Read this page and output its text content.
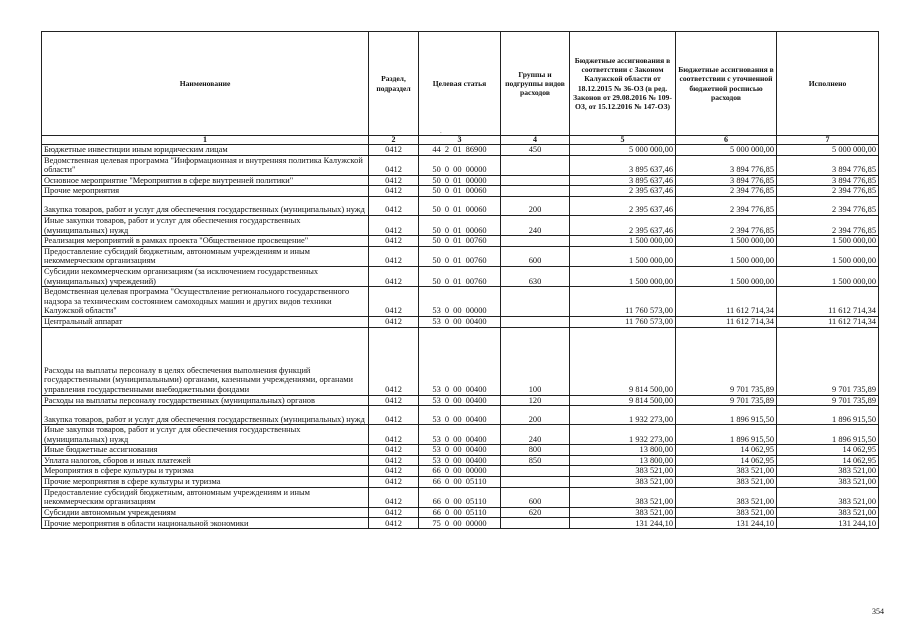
Наименование	Раздел, подраздел	Целевая статья	Группы и подгруппы видов расходов	Бюджетные ассигнования в соответствии с Законом Калужской области от 18.12.2015 № 36-ОЗ (в ред. Законов от 29.08.2016 № 109-ОЗ, от 15.12.2016 № 147-ОЗ)	Бюджетные ассигнования в соответствии с уточненной бюджетной росписью расходов	Исполнено
1	2	3	4	5	6	7
Бюджетные инвестиции иным юридическим лицам	0412	44 2 01 86900	450	5 000 000,00	5 000 000,00	5 000 000,00
Ведомственная целевая программа "Информационная и внутренняя политика Калужской области"	0412	50 0 00 00000		3 895 637,46	3 894 776,85	3 894 776,85
Основное мероприятие "Мероприятия в сфере внутренней политики"	0412	50 0 01 00000		3 895 637,46	3 894 776,85	3 894 776,85
Прочие мероприятия	0412	50 0 01 00060		2 395 637,46	2 394 776,85	2 394 776,85
Закупка товаров, работ и услуг для обеспечения государственных (муниципальных) нужд	0412	50 0 01 00060	200	2 395 637,46	2 394 776,85	2 394 776,85
Иные закупки товаров, работ и услуг для обеспечения государственных (муниципальных) нужд	0412	50 0 01 00060	240	2 395 637,46	2 394 776,85	2 394 776,85
Реализация мероприятий в рамках проекта "Общественное просвещение"	0412	50 0 01 00760		1 500 000,00	1 500 000,00	1 500 000,00
Предоставление субсидий бюджетным, автономным учреждениям и иным некоммерческим организациям	0412	50 0 01 00760	600	1 500 000,00	1 500 000,00	1 500 000,00
Субсидии некоммерческим организациям (за исключением государственных (муниципальных) учреждений)	0412	50 0 01 00760	630	1 500 000,00	1 500 000,00	1 500 000,00
Ведомственная целевая программа "Осуществление регионального государственного надзора за техническим состоянием самоходных машин и других видов техники Калужской области"	0412	53 0 00 00000		11 760 573,00	11 612 714,34	11 612 714,34
Центральный аппарат	0412	53 0 00 00400		11 760 573,00	11 612 714,34	11 612 714,34
Расходы на выплаты персоналу в целях обеспечения выполнения функций государственными (муниципальными) органами, казенными учреждениями, органами управления государственными внебюджетными фондами	0412	53 0 00 00400	100	9 814 500,00	9 701 735,89	9 701 735,89
Расходы на выплаты персоналу государственных (муниципальных) органов	0412	53 0 00 00400	120	9 814 500,00	9 701 735,89	9 701 735,89
Закупка товаров, работ и услуг для обеспечения государственных (муниципальных) нужд	0412	53 0 00 00400	200	1 932 273,00	1 896 915,50	1 896 915,50
Иные закупки товаров, работ и услуг для обеспечения государственных (муниципальных) нужд	0412	53 0 00 00400	240	1 932 273,00	1 896 915,50	1 896 915,50
Иные бюджетные ассигнования	0412	53 0 00 00400	800	13 800,00	14 062,95	14 062,95
Уплата налогов, сборов и иных платежей	0412	53 0 00 00400	850	13 800,00	14 062,95	14 062,95
Мероприятия в сфере культуры и туризма	0412	66 0 00 00000		383 521,00	383 521,00	383 521,00
Прочие мероприятия в сфере культуры и туризма	0412	66 0 00 05110		383 521,00	383 521,00	383 521,00
Предоставление субсидий бюджетным, автономным учреждениям и иным некоммерческим организациям	0412	66 0 00 05110	600	383 521,00	383 521,00	383 521,00
Субсидии автономным учреждениям	0412	66 0 00 05110	620	383 521,00	383 521,00	383 521,00
Прочие мероприятия в области национальной экономики	0412	75 0 00 00000		131 244,10	131 244,10	131 244,10
.
354
